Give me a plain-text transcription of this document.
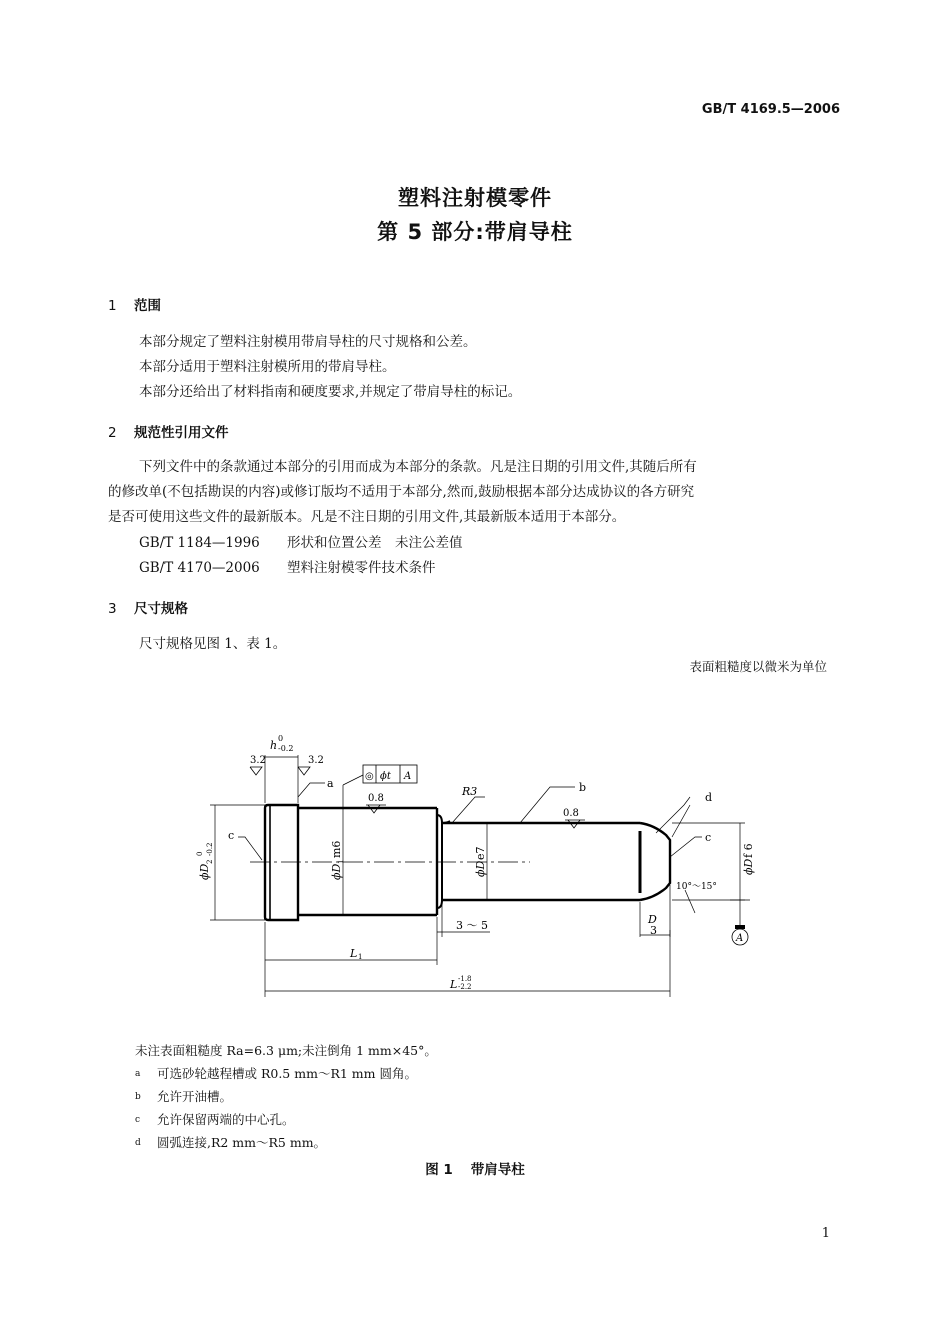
GB/T 4169.5—2006
塑料注射模零件
第 5 部分:带肩导柱
1 范围
本部分规定了塑料注射模用带肩导柱的尺寸规格和公差。
本部分适用于塑料注射模所用的带肩导柱。
本部分还给出了材料指南和硬度要求,并规定了带肩导柱的标记。
2 规范性引用文件
下列文件中的条款通过本部分的引用而成为本部分的条款。凡是注日期的引用文件,其随后所有
的修改单(不包括勘误的内容)或修订版均不适用于本部分,然而,鼓励根据本部分达成协议的各方研究
是否可使用这些文件的最新版本。凡是不注日期的引用文件,其最新版本适用于本部分。
GB/T 1184—1996 形状和位置公差　未注公差值
GB/T 4170—2006 塑料注射模零件技术条件
3 尺寸规格
尺寸规格见图 1、表 1。
表面粗糙度以微米为单位
h
0
-0.2
3.2	3.2
0.8
0.8
a	b
d
c	c
R3
◎ ϕt A
10°～15°
D
3
3 ～ 5
L 1
L -1.8
-2.2
A
ϕD
2
0 -0.2
ϕD
1
m6
ϕD
e7
ϕD
f 6
未注表面粗糙度 Ra=6.3 μm;未注倒角 1 mm×45°。
$^a$ 可选砂轮越程槽或 R0.5 mm～R1 mm 圆角。
$^b$ 允许开油槽。
$^c$ 允许保留两端的中心孔。
$^d$ 圆弧连接,R2 mm～R5 mm。
图 1 带肩导柱
1
